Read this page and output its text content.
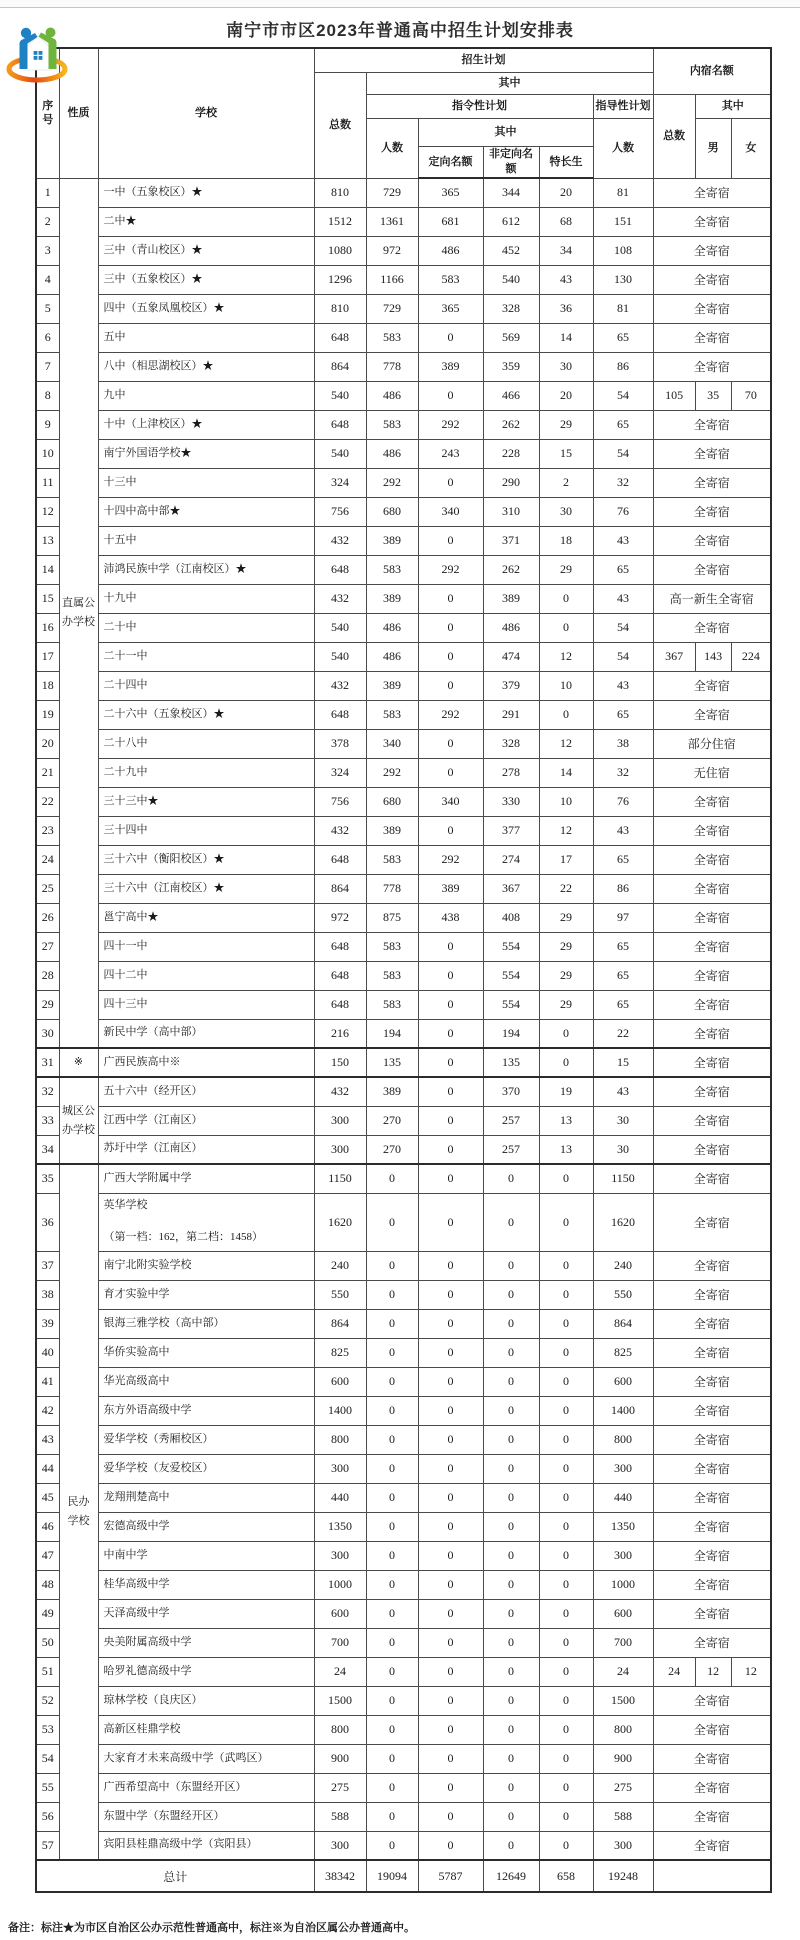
南宁市市区2023年普通高中招生计划安排表
序号	性质	学校	招生计划						内宿名额		
			总数	其中							
				指令性计划				指导性计划	总数	其中	
				人数	其中			人数		男	女
					定向名额	非定向名额	特长生				
1	直属公
办学校	一中（五象校区）★	810	729	365	344	20	81	全寄宿		
2		二中★	1512	1361	681	612	68	151	全寄宿		
3		三中（青山校区）★	1080	972	486	452	34	108	全寄宿		
4		三中（五象校区）★	1296	1166	583	540	43	130	全寄宿		
5		四中（五象凤凰校区）★	810	729	365	328	36	81	全寄宿		
6		五中	648	583	0	569	14	65	全寄宿		
7		八中（相思湖校区）★	864	778	389	359	30	86	全寄宿		
8		九中	540	486	0	466	20	54	105	35	70
9		十中（上津校区）★	648	583	292	262	29	65	全寄宿		
10		南宁外国语学校★	540	486	243	228	15	54	全寄宿		
11		十三中	324	292	0	290	2	32	全寄宿		
12		十四中高中部★	756	680	340	310	30	76	全寄宿		
13		十五中	432	389	0	371	18	43	全寄宿		
14		沛鸿民族中学（江南校区）★	648	583	292	262	29	65	全寄宿		
15		十九中	432	389	0	389	0	43	高一新生全寄宿		
16		二十中	540	486	0	486	0	54	全寄宿		
17		二十一中	540	486	0	474	12	54	367	143	224
18		二十四中	432	389	0	379	10	43	全寄宿		
19		二十六中（五象校区）★	648	583	292	291	0	65	全寄宿		
20		二十八中	378	340	0	328	12	38	部分住宿		
21		二十九中	324	292	0	278	14	32	无住宿		
22		三十三中★	756	680	340	330	10	76	全寄宿		
23		三十四中	432	389	0	377	12	43	全寄宿		
24		三十六中（衡阳校区）★	648	583	292	274	17	65	全寄宿		
25		三十六中（江南校区）★	864	778	389	367	22	86	全寄宿		
26		邕宁高中★	972	875	438	408	29	97	全寄宿		
27		四十一中	648	583	0	554	29	65	全寄宿		
28		四十二中	648	583	0	554	29	65	全寄宿		
29		四十三中	648	583	0	554	29	65	全寄宿		
30		新民中学（高中部）	216	194	0	194	0	22	全寄宿		
31	※	广西民族高中※	150	135	0	135	0	15	全寄宿		
32	城区公
办学校	五十六中（经开区）	432	389	0	370	19	43	全寄宿		
33		江西中学（江南区）	300	270	0	257	13	30	全寄宿		
34		苏圩中学（江南区）	300	270	0	257	13	30	全寄宿		
35	民办
学校	广西大学附属中学	1150	0	0	0	0	1150	全寄宿		
36		英华学校

（第一档：162，第二档：1458）	1620	0	0	0	0	1620	全寄宿		
37		南宁北附实验学校	240	0	0	0	0	240	全寄宿		
38		育才实验中学	550	0	0	0	0	550	全寄宿		
39		银海三雅学校（高中部）	864	0	0	0	0	864	全寄宿		
40		华侨实验高中	825	0	0	0	0	825	全寄宿		
41		华光高级高中	600	0	0	0	0	600	全寄宿		
42		东方外语高级中学	1400	0	0	0	0	1400	全寄宿		
43		爱华学校（秀厢校区）	800	0	0	0	0	800	全寄宿		
44		爱华学校（友爱校区）	300	0	0	0	0	300	全寄宿		
45		龙翔荆楚高中	440	0	0	0	0	440	全寄宿		
46		宏德高级中学	1350	0	0	0	0	1350	全寄宿		
47		中南中学	300	0	0	0	0	300	全寄宿		
48		桂华高级中学	1000	0	0	0	0	1000	全寄宿		
49		天泽高级中学	600	0	0	0	0	600	全寄宿		
50		央美附属高级中学	700	0	0	0	0	700	全寄宿		
51		哈罗礼德高级中学	24	0	0	0	0	24	24	12	12
52		琼林学校（良庆区）	1500	0	0	0	0	1500	全寄宿		
53		高新区桂鼎学校	800	0	0	0	0	800	全寄宿		
54		大家育才未来高级中学（武鸣区）	900	0	0	0	0	900	全寄宿		
55		广西希望高中（东盟经开区）	275	0	0	0	0	275	全寄宿		
56		东盟中学（东盟经开区）	588	0	0	0	0	588	全寄宿		
57		宾阳县桂鼎高级中学（宾阳县）	300	0	0	0	0	300	全寄宿		
总计			38342	19094	5787	12649	658	19248			
备注：标注★为市区自治区公办示范性普通高中，标注※为自治区属公办普通高中。
